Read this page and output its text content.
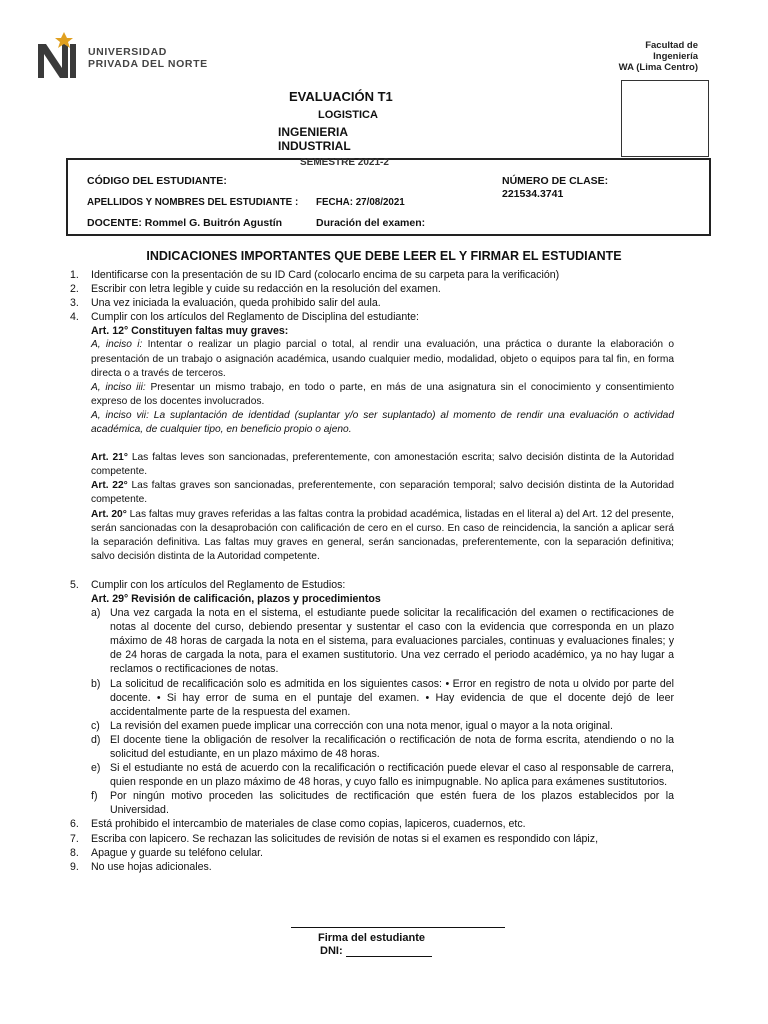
UNIVERSIDAD
PRIVADA DEL NORTE
Facultad de
Ingeniería
WA (Lima Centro)
EVALUACIÓN T1
LOGISTICA
INGENIERIA
INDUSTRIAL
CÓDIGO DEL ESTUDIANTE:	NÚMERO DE CLASE:
221534.3741
APELLIDOS Y NOMBRES DEL ESTUDIANTE : FECHA: 27/08/2021
DOCENTE: Rommel G. Buitrón Agustín	Duración del examen:
SEMESTRE 2021-2
INDICACIONES IMPORTANTES QUE DEBE LEER EL Y FIRMAR EL ESTUDIANTE
1.	Identificarse con la presentación de su ID Card (colocarlo encima de su carpeta para la verificación)
2.	Escribir con letra legible y cuide su redacción en la resolución del examen.
3.	Una vez iniciada la evaluación, queda prohibido salir del aula.
4.	Cumplir con los artículos del Reglamento de Disciplina del estudiante:
Art. 12° Constituyen faltas muy graves:
A, inciso i: Intentar o realizar un plagio parcial o total, al rendir una evaluación, una práctica o durante la elaboración o presentación de un trabajo o asignación académica, usando cualquier medio, modalidad, objeto o equipos para tal fin, en forma directa o a través de terceros.
A, inciso iii: Presentar un mismo trabajo, en todo o parte, en más de una asignatura sin el conocimiento y consentimiento expreso de los docentes involucrados.
A, inciso vii: La suplantación de identidad (suplantar y/o ser suplantado) al momento de rendir una evaluación o actividad académica, de cualquier tipo, en beneficio propio o ajeno.
Art. 21° Las faltas leves son sancionadas, preferentemente, con amonestación escrita; salvo decisión distinta de la Autoridad competente.
Art. 22° Las faltas graves son sancionadas, preferentemente, con separación temporal; salvo decisión distinta de la Autoridad competente.
Art. 20° Las faltas muy graves referidas a las faltas contra la probidad académica, listadas en el literal a) del Art. 12 del presente, serán sancionadas con la desaprobación con calificación de cero en el curso. En caso de reincidencia, la sanción a aplicar será la separación definitiva. Las faltas muy graves en general, serán sancionadas, preferentemente, con la separación definitiva; salvo decisión distinta de la Autoridad competente.
5.	Cumplir con los artículos del Reglamento de Estudios:
Art. 29° Revisión de calificación, plazos y procedimientos
a) Una vez cargada la nota en el sistema, el estudiante puede solicitar la recalificación del examen o rectificaciones de notas al docente del curso, debiendo presentar y sustentar el caso con la evidencia que corresponda en un plazo máximo de 48 horas de cargada la nota en el sistema, para evaluaciones parciales, continuas y evaluaciones finales; y de 24 horas de cargada la nota, para el examen sustitutorio. Una vez cerrado el periodo académico, ya no hay lugar a reclamos o rectificaciones de notas.
b) La solicitud de recalificación solo es admitida en los siguientes casos: • Error en registro de nota u olvido por parte del docente. • Si hay error de suma en el puntaje del examen. • Hay evidencia de que el docente dejó de leer accidentalmente parte de la respuesta del examen.
c) La revisión del examen puede implicar una corrección con una nota menor, igual o mayor a la nota original.
d) El docente tiene la obligación de resolver la recalificación o rectificación de nota de forma escrita, atendiendo o no la solicitud del estudiante, en un plazo máximo de 48 horas.
e) Si el estudiante no está de acuerdo con la recalificación o rectificación puede elevar el caso al responsable de carrera, quien responde en un plazo máximo de 48 horas, y cuyo fallo es inimpugnable. No aplica para exámenes sustitutorios.
f)	Por ningún motivo proceden las solicitudes de rectificación que estén fuera de los plazos establecidos por la Universidad.
6.	Está prohibido el intercambio de materiales de clase como copias, lapiceros, cuadernos, etc.
7.	Escriba con lapicero. Se rechazan las solicitudes de revisión de notas si el examen es respondido con lápiz,
8.	Apague y guarde su teléfono celular.
9.	No use hojas adicionales.
Firma del estudiante
DNI:
